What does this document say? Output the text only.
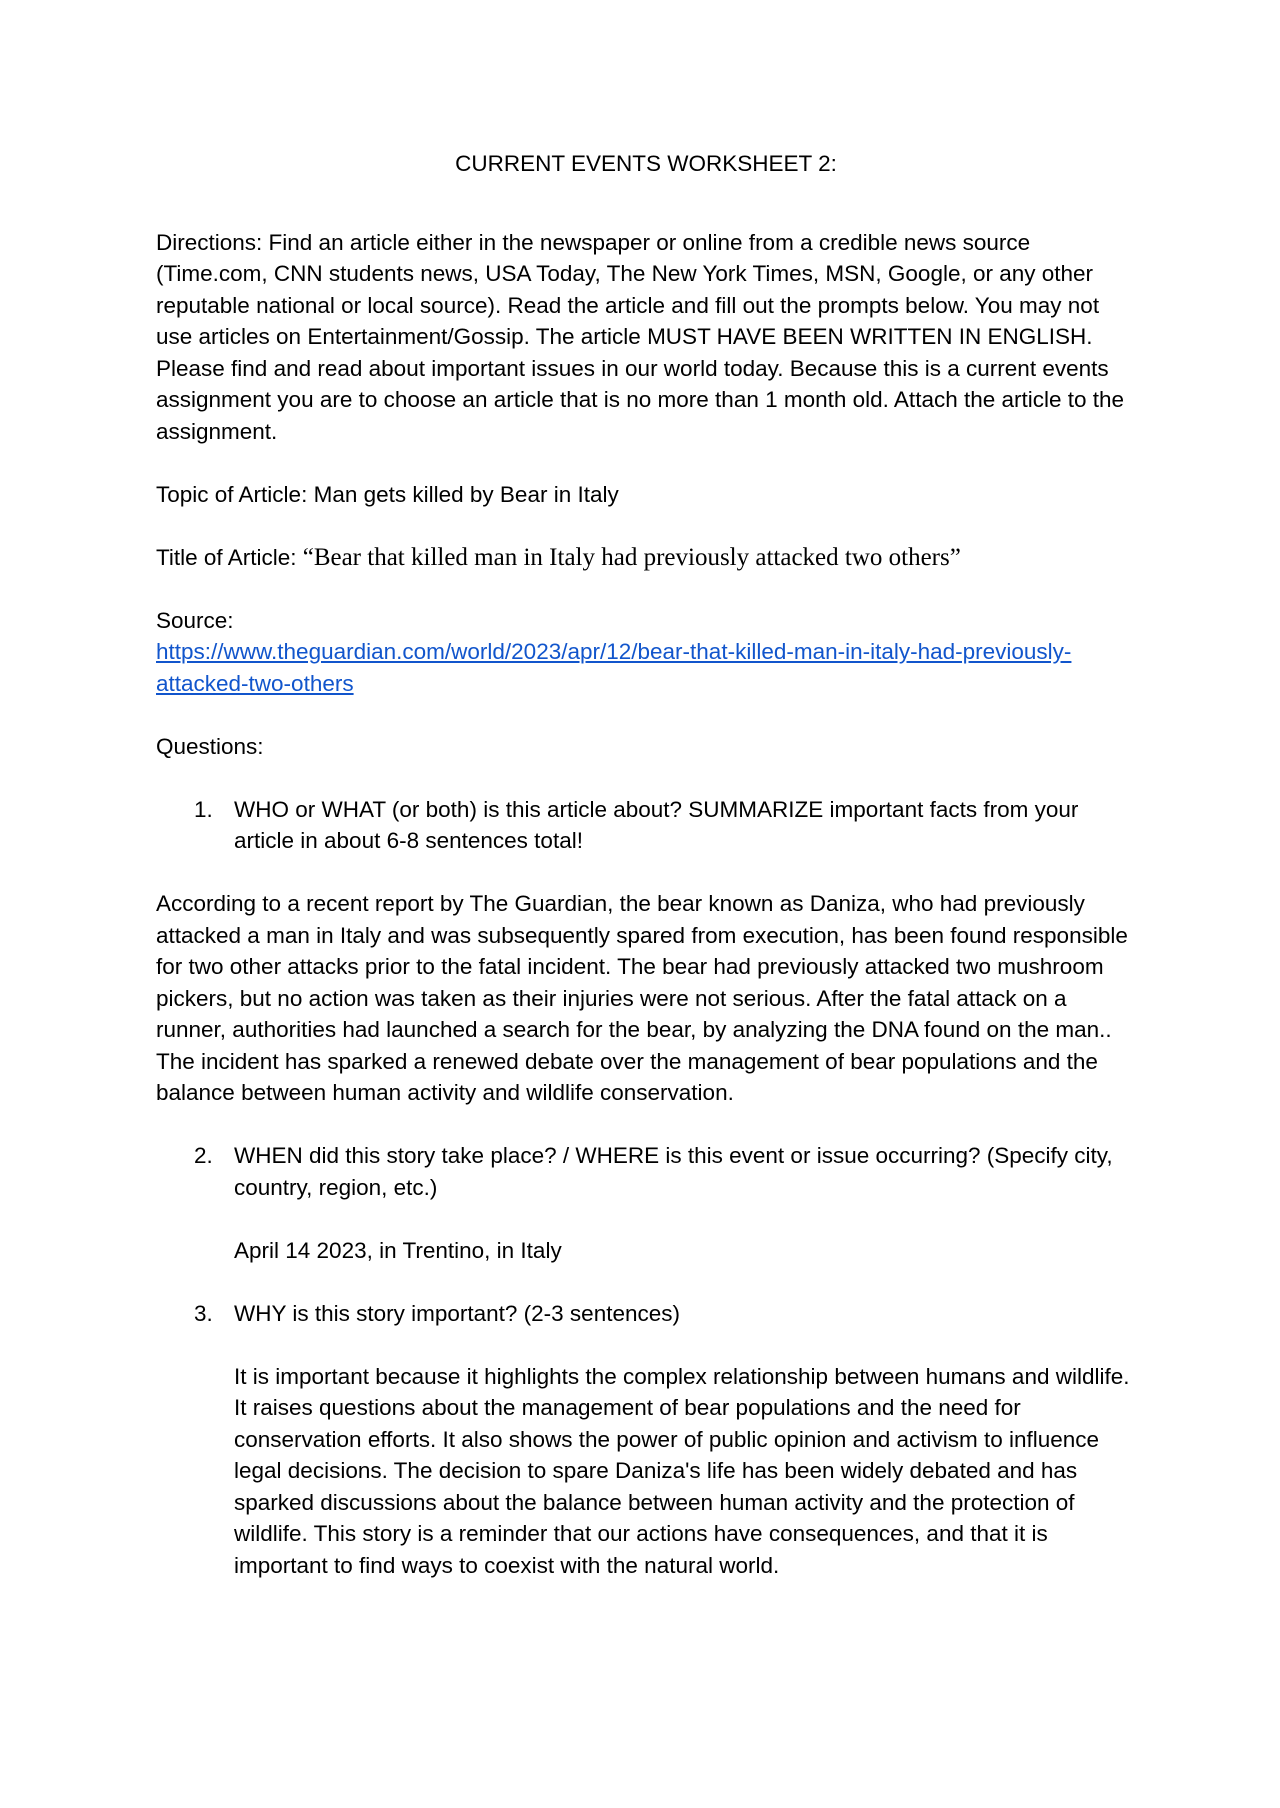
CURRENT EVENTS WORKSHEET 2:

Directions: Find an article either in the newspaper or online from a credible news source (Time.com, CNN students news, USA Today, The New York Times, MSN, Google, or any other reputable national or local source). Read the article and fill out the prompts below. You may not use articles on Entertainment/Gossip. The article MUST HAVE BEEN WRITTEN IN ENGLISH. Please find and read about important issues in our world today. Because this is a current events assignment you are to choose an article that is no more than 1 month old. Attach the article to the assignment.

Topic of Article: Man gets killed by Bear in Italy

Title of Article: “Bear that killed man in Italy had previously attacked two others”

Source:
https://www.theguardian.com/world/2023/apr/12/bear-that-killed-man-in-italy-had-previously-attacked-two-others

Questions:

1. WHO or WHAT (or both) is this article about? SUMMARIZE important facts from your article in about 6-8 sentences total!

According to a recent report by The Guardian, the bear known as Daniza, who had previously attacked a man in Italy and was subsequently spared from execution, has been found responsible for two other attacks prior to the fatal incident. The bear had previously attacked two mushroom pickers, but no action was taken as their injuries were not serious. After the fatal attack on a runner, authorities had launched a search for the bear, by analyzing the DNA found on the man.. The incident has sparked a renewed debate over the management of bear populations and the balance between human activity and wildlife conservation.

2. WHEN did this story take place? / WHERE is this event or issue occurring? (Specify city, country, region, etc.)

April 14 2023, in Trentino, in Italy

3. WHY is this story important? (2-3 sentences)

It is important because it highlights the complex relationship between humans and wildlife. It raises questions about the management of bear populations and the need for conservation efforts. It also shows the power of public opinion and activism to influence legal decisions. The decision to spare Daniza's life has been widely debated and has sparked discussions about the balance between human activity and the protection of wildlife. This story is a reminder that our actions have consequences, and that it is important to find ways to coexist with the natural world.
